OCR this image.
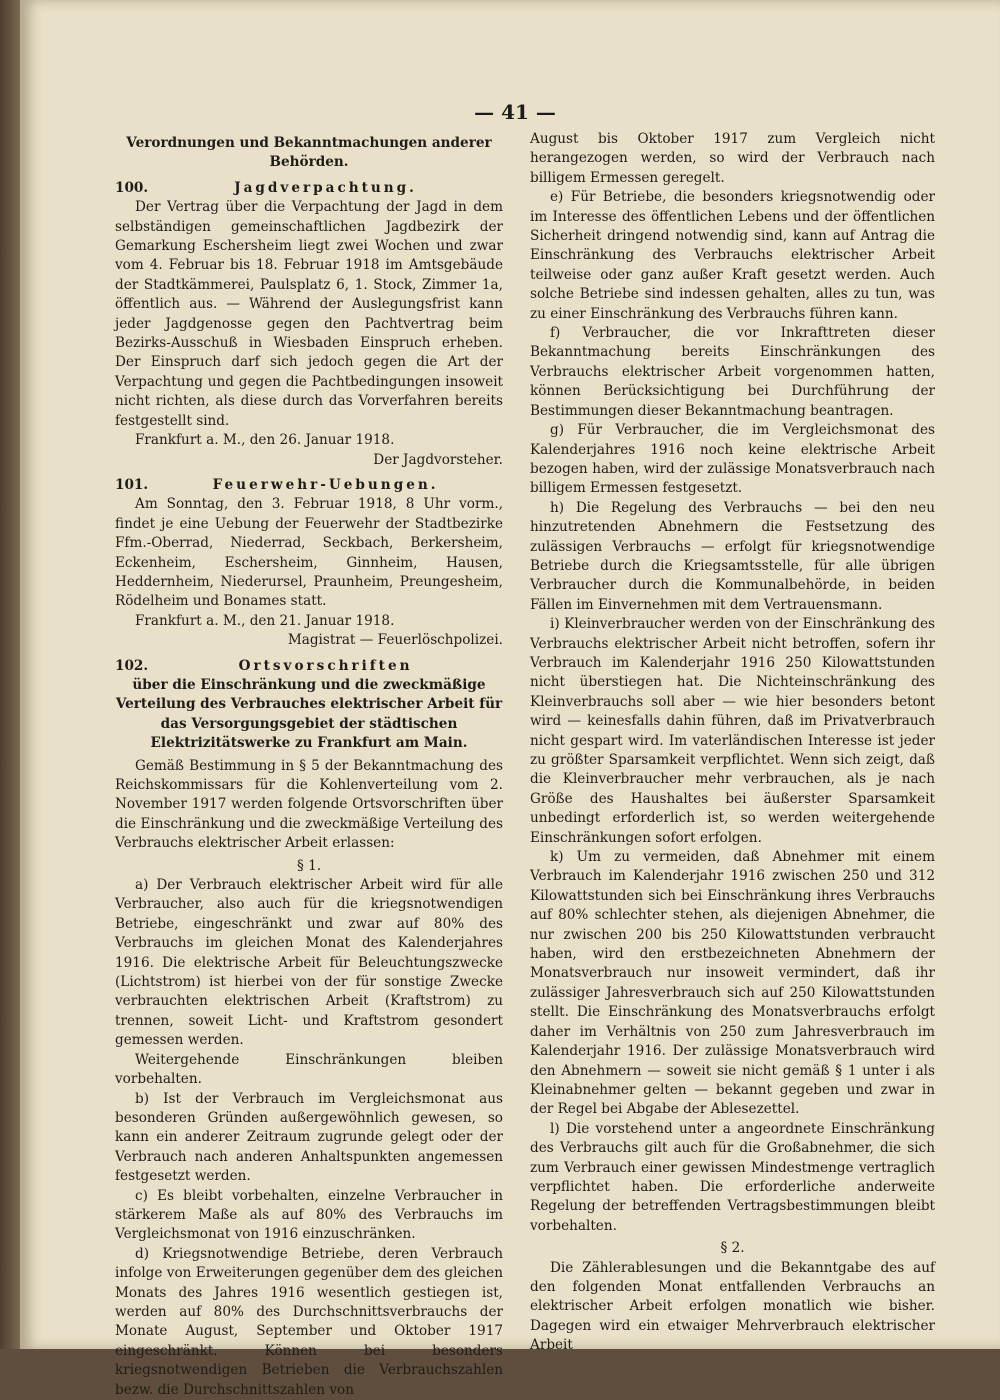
— 41 —

Verordnungen und Bekanntmachungen anderer Behörden.

100.	Jagdverpachtung.

Der Vertrag über die Verpachtung der Jagd in dem selbständigen gemeinschaftlichen Jagdbezirk der Gemarkung Eschersheim liegt zwei Wochen und zwar vom 4. Februar bis 18. Februar 1918 im Amtsgebäude der Stadtkämmerei, Paulsplatz 6, 1. Stock, Zimmer 1a, öffentlich aus. — Während der Auslegungsfrist kann jeder Jagdgenosse gegen den Pachtvertrag beim Bezirks-Ausschuß in Wiesbaden Einspruch erheben. Der Einspruch darf sich jedoch gegen die Art der Verpachtung und gegen die Pachtbedingungen insoweit nicht richten, als diese durch das Vorverfahren bereits festgestellt sind.

Frankfurt a. M., den 26. Januar 1918.

Der Jagdvorsteher.

101.	Feuerwehr-Uebungen.

Am Sonntag, den 3. Februar 1918, 8 Uhr vorm., findet je eine Uebung der Feuerwehr der Stadtbezirke Ffm.-Oberrad, Niederrad, Seckbach, Berkersheim, Eckenheim, Eschersheim, Ginnheim, Hausen, Heddernheim, Niederursel, Praunheim, Preungesheim, Rödelheim und Bonames statt.

Frankfurt a. M., den 21. Januar 1918.

Magistrat — Feuerlöschpolizei.

102.	Ortsvorschriften

über die Einschränkung und die zweckmäßige Verteilung des Verbrauches elektrischer Arbeit für das Versorgungsgebiet der städtischen Elektrizitätswerke zu Frankfurt am Main.

Gemäß Bestimmung in § 5 der Bekanntmachung des Reichskommissars für die Kohlenverteilung vom 2. November 1917 werden folgende Ortsvorschriften über die Einschränkung und die zweckmäßige Verteilung des Verbrauchs elektrischer Arbeit erlassen:

§ 1.

a) Der Verbrauch elektrischer Arbeit wird für alle Verbraucher, also auch für die kriegsnotwendigen Betriebe, eingeschränkt und zwar auf 80% des Verbrauchs im gleichen Monat des Kalenderjahres 1916. Die elektrische Arbeit für Beleuchtungszwecke (Lichtstrom) ist hierbei von der für sonstige Zwecke verbrauchten elektrischen Arbeit (Kraftstrom) zu trennen, soweit Licht- und Kraftstrom gesondert gemessen werden.

Weitergehende Einschränkungen bleiben vorbehalten.

b) Ist der Verbrauch im Vergleichsmonat aus besonderen Gründen außergewöhnlich gewesen, so kann ein anderer Zeitraum zugrunde gelegt oder der Verbrauch nach anderen Anhaltspunkten angemessen festgesetzt werden.

c) Es bleibt vorbehalten, einzelne Verbraucher in stärkerem Maße als auf 80% des Verbrauchs im Vergleichsmonat von 1916 einzuschränken.

d) Kriegsnotwendige Betriebe, deren Verbrauch infolge von Erweiterungen gegenüber dem des gleichen Monats des Jahres 1916 wesentlich gestiegen ist, werden auf 80% des Durchschnittsverbrauchs der Monate August, September und Oktober 1917 eingeschränkt. Können bei besonders kriegsnotwendigen Betrieben die Verbrauchszahlen bezw. die Durchschnittszahlen von

August bis Oktober 1917 zum Vergleich nicht herangezogen werden, so wird der Verbrauch nach billigem Ermessen geregelt.

e) Für Betriebe, die besonders kriegsnotwendig oder im Interesse des öffentlichen Lebens und der öffentlichen Sicherheit dringend notwendig sind, kann auf Antrag die Einschränkung des Verbrauchs elektrischer Arbeit teilweise oder ganz außer Kraft gesetzt werden. Auch solche Betriebe sind indessen gehalten, alles zu tun, was zu einer Einschränkung des Verbrauchs führen kann.

f) Verbraucher, die vor Inkrafttreten dieser Bekanntmachung bereits Einschränkungen des Verbrauchs elektrischer Arbeit vorgenommen hatten, können Berücksichtigung bei Durchführung der Bestimmungen dieser Bekanntmachung beantragen.

g) Für Verbraucher, die im Vergleichsmonat des Kalenderjahres 1916 noch keine elektrische Arbeit bezogen haben, wird der zulässige Monatsverbrauch nach billigem Ermessen festgesetzt.

h) Die Regelung des Verbrauchs — bei den neu hinzutretenden Abnehmern die Festsetzung des zulässigen Verbrauchs — erfolgt für kriegsnotwendige Betriebe durch die Kriegsamtsstelle, für alle übrigen Verbraucher durch die Kommunalbehörde, in beiden Fällen im Einvernehmen mit dem Vertrauensmann.

i) Kleinverbraucher werden von der Einschränkung des Verbrauchs elektrischer Arbeit nicht betroffen, sofern ihr Verbrauch im Kalenderjahr 1916 250 Kilowattstunden nicht überstiegen hat. Die Nichteinschränkung des Kleinverbrauchs soll aber — wie hier besonders betont wird — keinesfalls dahin führen, daß im Privatverbrauch nicht gespart wird. Im vaterländischen Interesse ist jeder zu größter Sparsamkeit verpflichtet. Wenn sich zeigt, daß die Kleinverbraucher mehr verbrauchen, als je nach Größe des Haushaltes bei äußerster Sparsamkeit unbedingt erforderlich ist, so werden weitergehende Einschränkungen sofort erfolgen.

k) Um zu vermeiden, daß Abnehmer mit einem Verbrauch im Kalenderjahr 1916 zwischen 250 und 312 Kilowattstunden sich bei Einschränkung ihres Verbrauchs auf 80% schlechter stehen, als diejenigen Abnehmer, die nur zwischen 200 bis 250 Kilowattstunden verbraucht haben, wird den erstbezeichneten Abnehmern der Monatsverbrauch nur insoweit vermindert, daß ihr zulässiger Jahresverbrauch sich auf 250 Kilowattstunden stellt. Die Einschränkung des Monatsverbrauchs erfolgt daher im Verhältnis von 250 zum Jahresverbrauch im Kalenderjahr 1916. Der zulässige Monatsverbrauch wird den Abnehmern — soweit sie nicht gemäß § 1 unter i als Kleinabnehmer gelten — bekannt gegeben und zwar in der Regel bei Abgabe der Ablesezettel.

l) Die vorstehend unter a angeordnete Einschränkung des Verbrauchs gilt auch für die Großabnehmer, die sich zum Verbrauch einer gewissen Mindestmenge vertraglich verpflichtet haben. Die erforderliche anderweite Regelung der betreffenden Vertragsbestimmungen bleibt vorbehalten.

§ 2.

Die Zählerablesungen und die Bekanntgabe des auf den folgenden Monat entfallenden Verbrauchs an elektrischer Arbeit erfolgen monatlich wie bisher. Dagegen wird ein etwaiger Mehrverbrauch elektrischer Arbeit
